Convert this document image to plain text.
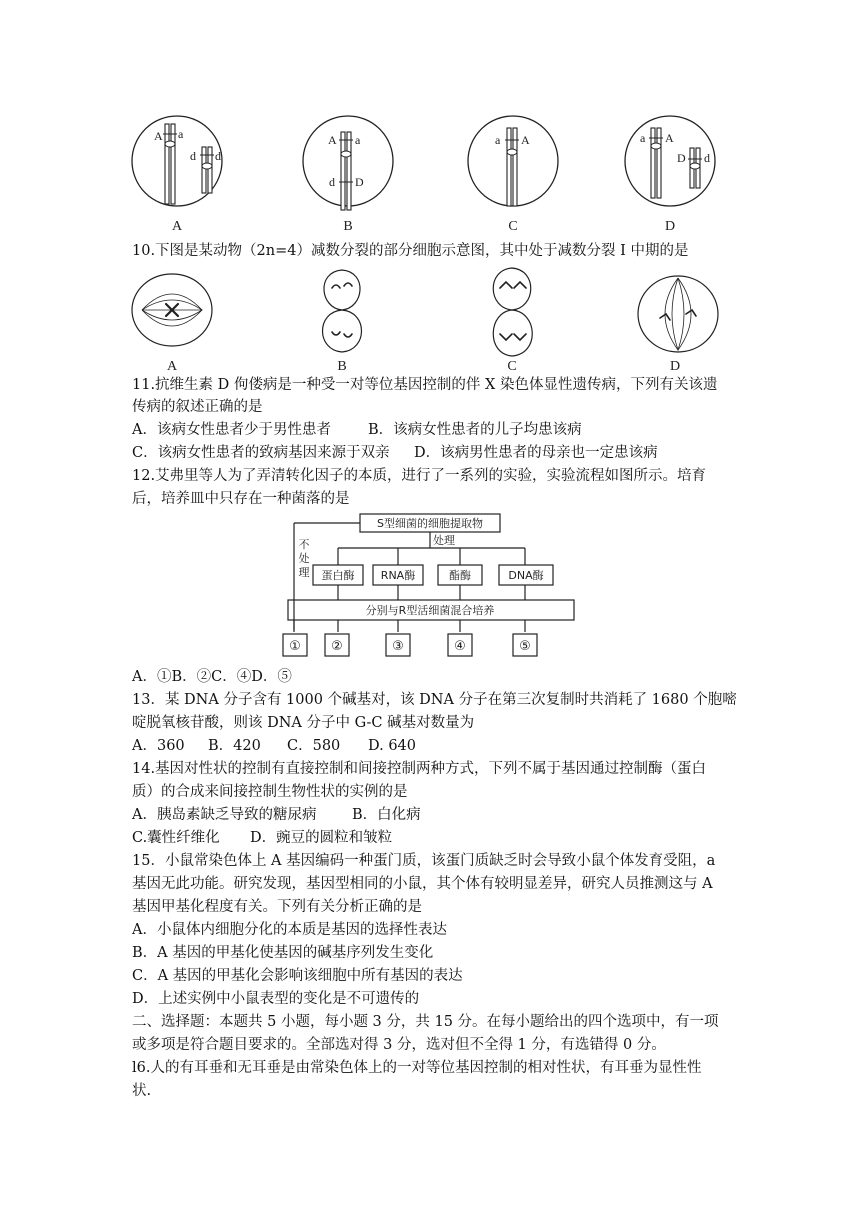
A a
d d
A a
d D
a A	a A
D d
A	B	C	D
10.下图是某动物（2n=4）减数分裂的部分细胞示意图，其中处于减数分裂 I 中期的是
A	B	C	D
11.抗维生素 D 佝偻病是一种受一对等位基因控制的伴 X 染色体显性遗传病，下列有关该遗
传病的叙述正确的是
A．该病女性患者少于男性患者	B．该病女性患者的儿子均患该病
C．该病女性患者的致病基因来源于双亲 D．该病男性患者的母亲也一定患该病
12.艾弗里等人为了弄清转化因子的本质，进行了一系列的实验，实验流程如图所示。培育
后，培养皿中只存在一种菌落的是
S型细菌的细胞提取物
不
处
理
处理
蛋白酶 RNA酶	酯酶	DNA酶
分别与R型活细菌混合培养
① ②	③	④	⑤
A．①B．②C．④D．⑤
13．某 DNA 分子含有 1000 个碱基对，该 DNA 分子在第三次复制时共消耗了 1680 个胞嘧
啶脱氧核苷酸，则该 DNA 分子中 G-C 碱基对数量为
A．360 B．420 C．580 D. 640
14.基因对性状的控制有直接控制和间接控制两种方式，下列不属于基因通过控制酶（蛋白
质）的合成来间接控制生物性状的实例的是
A．胰岛素缺乏导致的糖尿病 B．白化病
C.囊性纤维化 D．豌豆的圆粒和皱粒
15．小鼠常染色体上 A 基因编码一种蛋门质，该蛋门质缺乏时会导致小鼠个体发育受阻，a
基因无此功能。研究发现，基因型相同的小鼠，其个体有较明显差异，研究人员推测这与 A
基因甲基化程度有关。下列有关分析正确的是
A．小鼠体内细胞分化的本质是基因的选择性表达
B．A 基因的甲基化使基因的碱基序列发生变化
C．A 基因的甲基化会影响该细胞中所有基因的表达
D．上述实例中小鼠表型的变化是不可遗传的
二、选择题：本题共 5 小题，每小题 3 分，共 15 分。在每小题给出的四个选项中，有一项
或多项是符合题目要求的。全部选对得 3 分，选对但不全得 1 分，有选错得 0 分。
l6.人的有耳垂和无耳垂是由常染色体上的一对等位基因控制的相对性状，有耳垂为显性性
状.
